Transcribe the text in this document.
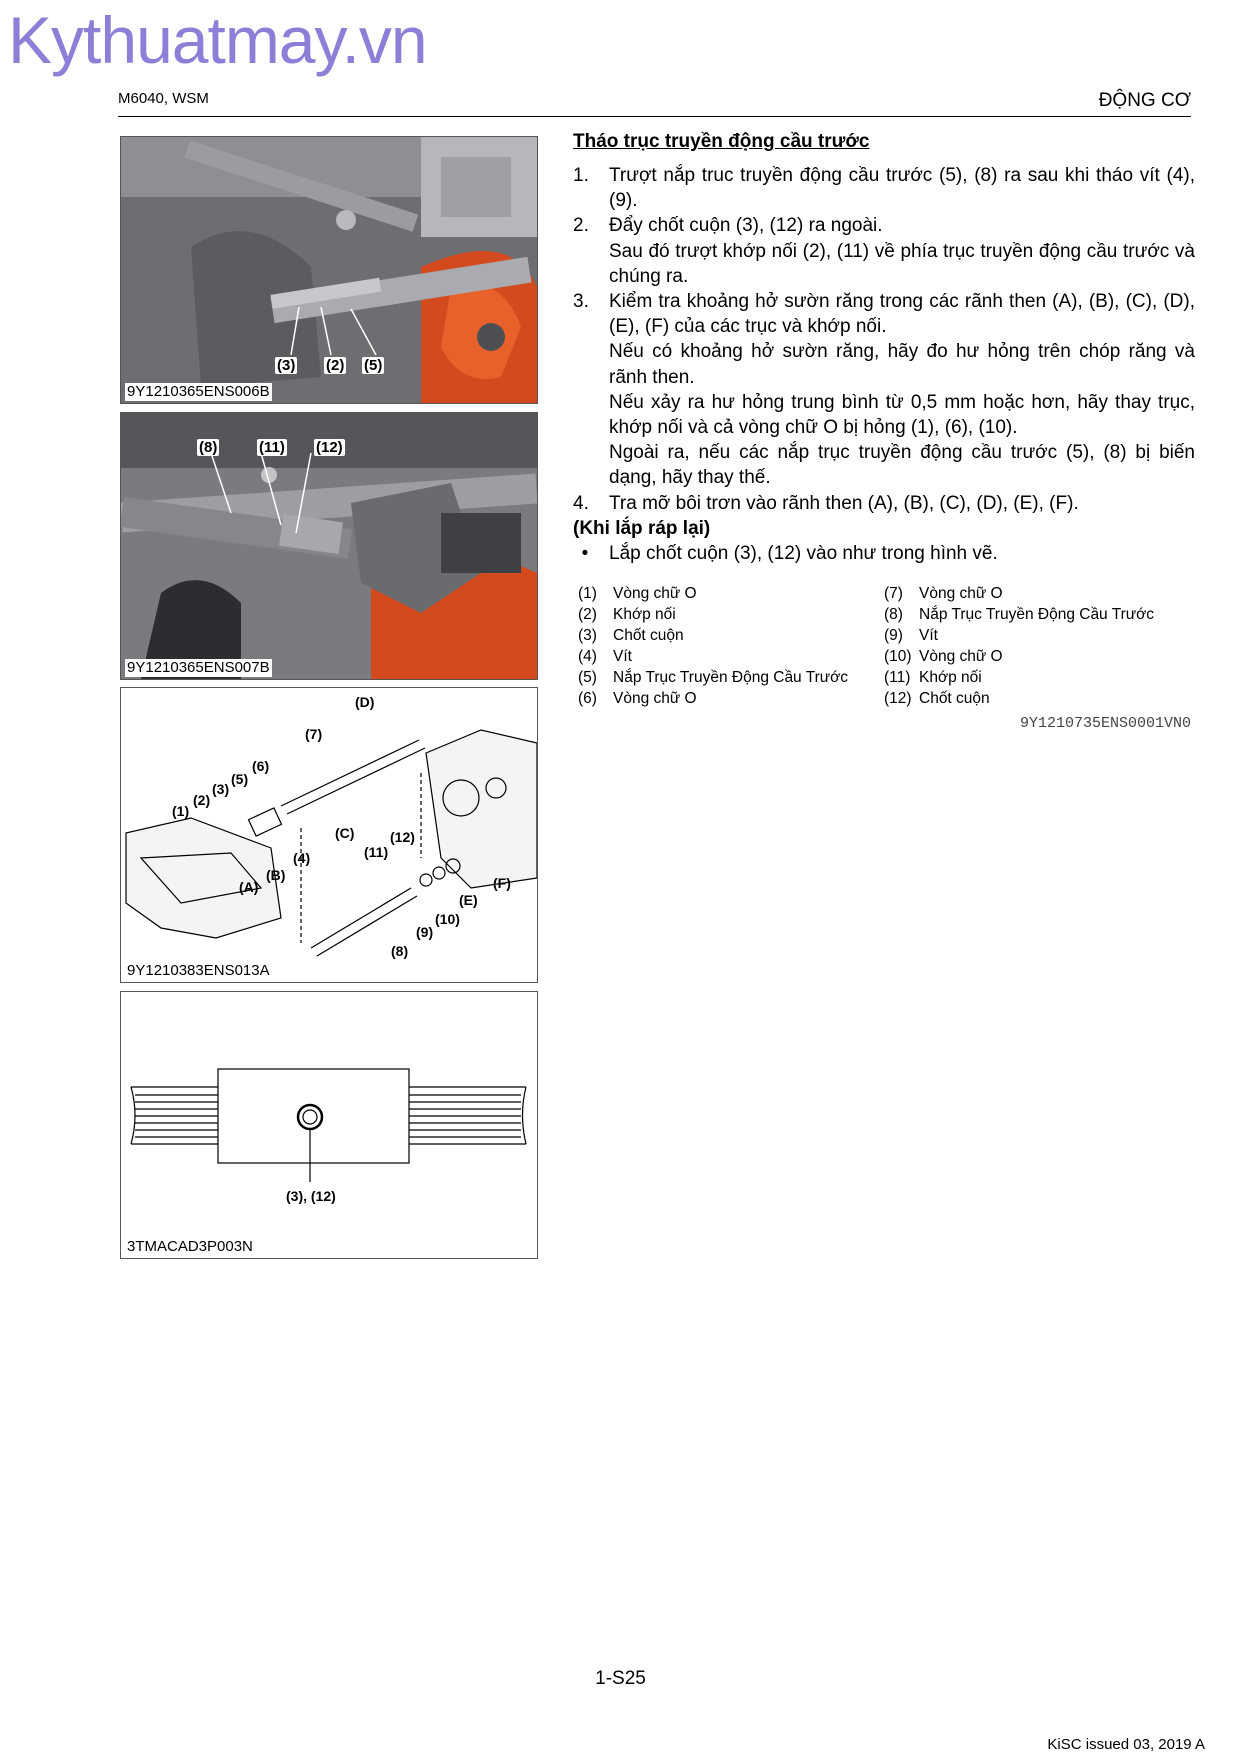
Kythuatmay.vn
M6040, WSM	ĐỘNG CƠ
(3) (2) (5)
9Y1210365ENS006B
(8)	(11) (12)
9Y1210365ENS007B
(D)
(7)
(6)
(5)
(3)
(2)
(1)
(C)	(12)
(11)
(4)
(B)
(A)	(F)
(E)
(10)
(9)
(8)
9Y1210383ENS013A
(3), (12)
3TMACAD3P003N
Tháo trục truyền động cầu trước
1.	Trượt nắp truc truyền động cầu trước (5), (8) ra sau khi tháo vít (4),(9).

2.	Đẩy chốt cuộn (3), (12) ra ngoài.

Sau đó trượt khớp nối (2), (11) về phía trục truyền động cầu trước và chúng ra.

3.	Kiểm tra khoảng hở sườn răng trong các rãnh then (A), (B), (C), (D), (E), (F) của các trục và khớp nối.

Nếu có khoảng hở sườn răng, hãy đo hư hỏng trên chóp răng và rãnh then.

Nếu xảy ra hư hỏng trung bình từ 0,5 mm hoặc hơn, hãy thay trục, khớp nối và cả vòng chữ O bị hỏng (1), (6), (10).

Ngoài ra, nếu các nắp trục truyền động cầu trước (5), (8) bị biến dạng, hãy thay thế.

4.	Tra mỡ bôi trơn vào rãnh then (A), (B), (C), (D), (E), (F).

(Khi lắp ráp lại)
•	Lắp chốt cuộn (3), (12) vào như trong hình vẽ.
(1)	Vòng chữ O
(2)	Khớp nối
(3)	Chốt cuộn
(4)	Vít
(5)	Nắp Trục Truyền Động Cầu Trước
(6)	Vòng chữ O
(7)	Vòng chữ O
(8)	Nắp Trục Truyền Động Cầu Trước
(9)	Vít
(10) Vòng chữ O
(11) Khớp nối
(12) Chốt cuộn
9Y1210735ENS0001VN0
1-S25
KiSC issued 03, 2019 A
